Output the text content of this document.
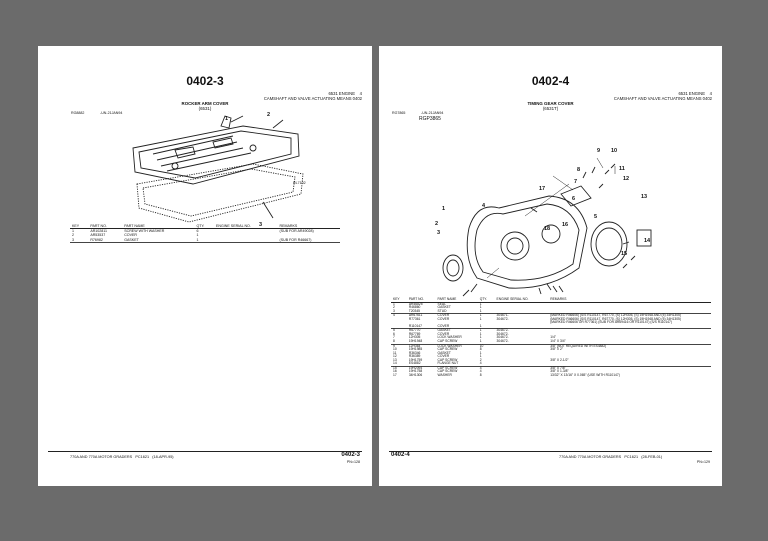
0402-3
6531 ENGINE 4
CAMSHAFT AND VALVE ACTUATING MEANS 0402
ROCKER ARM COVER
(6531)
RG8882	-UN-21JAN94
1
2
3
RL7102
KEY	PART NO.	PART NAME	QTY.	ENGINE SERIAL NO.	REMARKS
1	AR102811	SCREW WITH WASHER	6		(SUB FOR AR49028)
2	AR53537	COVER	1		
3	R76982	GASKET	1		(SUB FOR R46667)
770A AND 770A MOTOR GRADERS PC1621 (18-APR-95)	0402-3
PN=128
0402-4
6531 ENGINE 4
CAMSHAFT AND VALVE ACTUATING MEANS 0402
TIMING GEAR COVER
(6531T)
RG7865	-UN-21JAN94
RGP3865
1
2
3
4
5
6
7
8
9 10
11
12
13
14
15
16
17
18
KEY	PART NO.	PART NAME	QTY.	ENGINE SERIAL NO.	REMARKS
1	AR46825	SEAL	1		
2	R46860	GASKET	1		
3	T20345	STUD	1		
4	AR67611	COVER	1	304671-	(MARKED R46606) (S/S R110147, R67770, (S) 12H305, (S) 19H1948 AND (5) 34H1305)
	R77361	COVER	1	304672-	(MARKED R46606) (S/S R110147, R67770, (S) 12H305, (S) 19H1948 AND (5) 34H1305)
					(MARKED R46606 OR R77361) (SUB FOR AR69416 OR R110147) (S/S R110147)
	R110147	COVER	1		
5	R67770	GASKET	1	304672-	
6	R67769	COVER	1	304672-	
7	12H305	LOCK WASHER	1	304672-	1/4"
8	19H1948	CAP SCREW	1	304672-	1/4" X 3/4"
9	12H364	LOCK WASHER	10		3/8" (NOT REQUIRED WITH ES4882)
10	19H1985	CAP SCREW	8		3/8" X 2"
11	R36346	GASKET	1		
12	R36389	COVER	1		
13	19H1759	CAP SCREW	2		3/8" X 2-1/2"
14	ES4882	FLANGE NUT	4		
15	19H2094	CAP SCREW	4		3/8" X 7/8"
16	19H1758	CAP SCREW	4		3/8" X 1-3/8"
17	34H1306	WASHER	8		13/32" X 13/16" X 0.065" (USE WITH R110147)
0402-4	770A AND 770A MOTOR GRADERS PC1621 (28-FEB-01)
PN=129
